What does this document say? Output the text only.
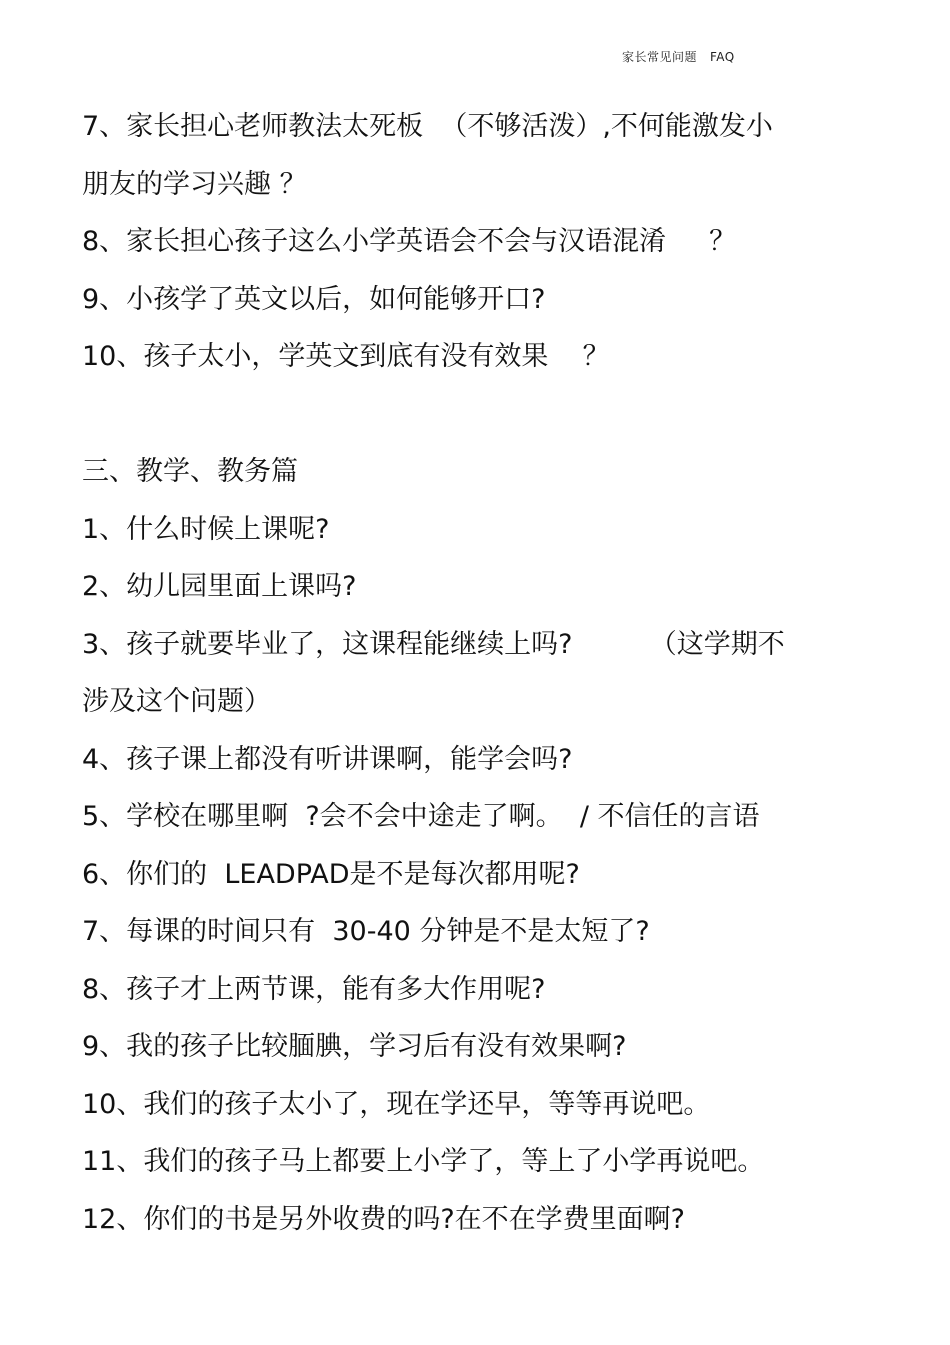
家长常见问题   FAQ
7、家长担心老师教法太死板  （不够活泼）,不何能激发小
朋友的学习兴趣 ？
8、家长担心孩子这么小学英语会不会与汉语混淆     ？
9、小孩学了英文以后，如何能够开口?
10、孩子太小，学英文到底有没有效果    ？
三、教学、教务篇
1、什么时候上课呢?
2、幼儿园里面上课吗?
3、孩子就要毕业了，这课程能继续上吗?         （这学期不
涉及这个问题）
4、孩子课上都没有听讲课啊，能学会吗?
5、学校在哪里啊  ?会不会中途走了啊。  / 不信任的言语
6、你们的  LEADPAD是不是每次都用呢?
7、每课的时间只有  30-40 分钟是不是太短了?
8、孩子才上两节课，能有多大作用呢?
9、我的孩子比较腼腆，学习后有没有效果啊?
10、我们的孩子太小了，现在学还早，等等再说吧。
11、我们的孩子马上都要上小学了，等上了小学再说吧。
12、你们的书是另外收费的吗?在不在学费里面啊?
